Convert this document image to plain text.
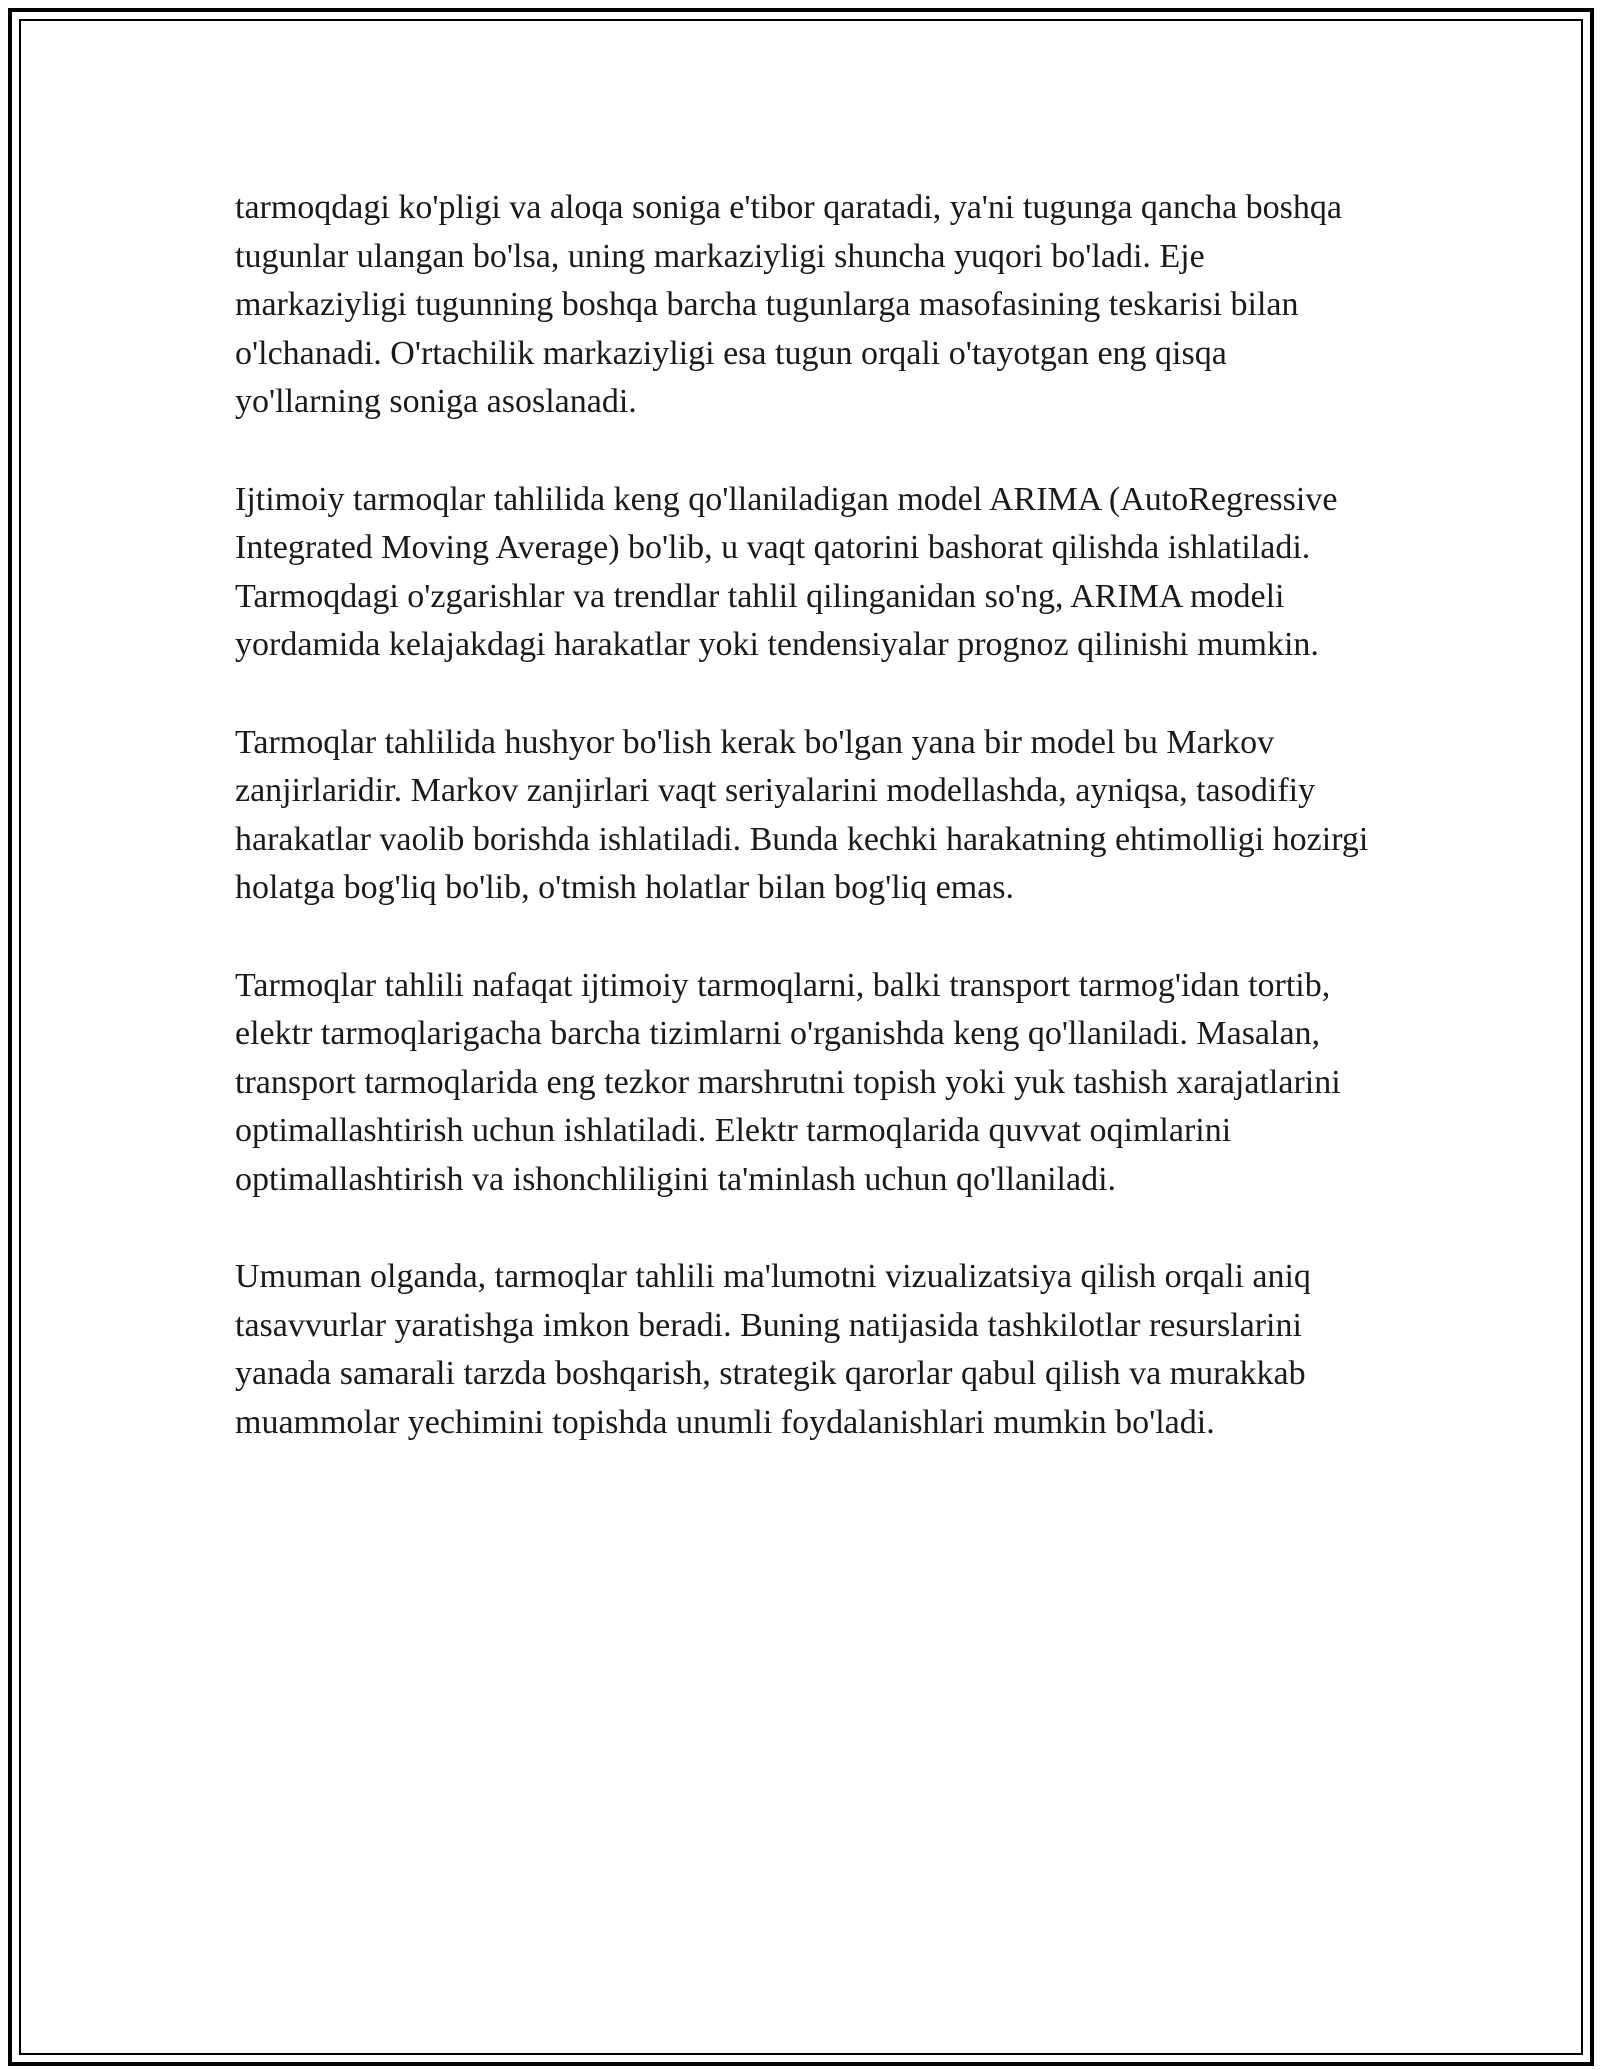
tarmoqdagi ko'pligi va aloqa soniga e'tibor qaratadi, ya'ni tugunga qancha boshqa tugunlar ulangan bo'lsa, uning markaziyligi shuncha yuqori bo'ladi. Eje markaziyligi tugunning boshqa barcha tugunlarga masofasining teskarisi bilan o'lchanadi. O'rtachilik markaziyligi esa tugun orqali o'tayotgan eng qisqa yo'llarning soniga asoslanadi.

Ijtimoiy tarmoqlar tahlilida keng qo'llaniladigan model ARIMA (AutoRegressive Integrated Moving Average) bo'lib, u vaqt qatorini bashorat qilishda ishlatiladi. Tarmoqdagi o'zgarishlar va trendlar tahlil qilinganidan so'ng, ARIMA modeli yordamida kelajakdagi harakatlar yoki tendensiyalar prognoz qilinishi mumkin.

Tarmoqlar tahlilida hushyor bo'lish kerak bo'lgan yana bir model bu Markov zanjirlaridir. Markov zanjirlari vaqt seriyalarini modellashda, ayniqsa, tasodifiy harakatlar vaolib borishda ishlatiladi. Bunda kechki harakatning ehtimolligi hozirgi holatga bog'liq bo'lib, o'tmish holatlar bilan bog'liq emas.

Tarmoqlar tahlili nafaqat ijtimoiy tarmoqlarni, balki transport tarmog'idan tortib, elektr tarmoqlarigacha barcha tizimlarni o'rganishda keng qo'llaniladi. Masalan, transport tarmoqlarida eng tezkor marshrutni topish yoki yuk tashish xarajatlarini optimallashtirish uchun ishlatiladi. Elektr tarmoqlarida quvvat oqimlarini optimallashtirish va ishonchliligini ta'minlash uchun qo'llaniladi.

Umuman olganda, tarmoqlar tahlili ma'lumotni vizualizatsiya qilish orqali aniq tasavvurlar yaratishga imkon beradi. Buning natijasida tashkilotlar resurslarini yanada samarali tarzda boshqarish, strategik qarorlar qabul qilish va murakkab muammolar yechimini topishda unumli foydalanishlari mumkin bo'ladi.
